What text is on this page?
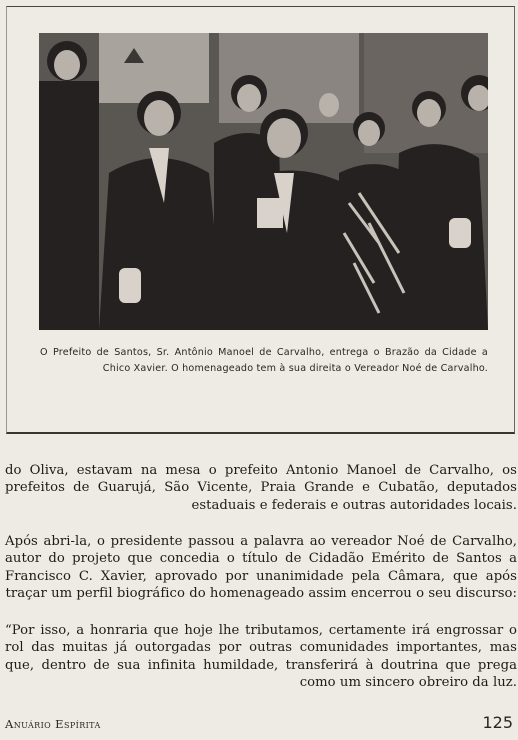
O Prefeito de Santos, Sr. Antônio Manoel de Carvalho, entrega o Brazão da Cidade a Chico Xavier. O homenageado tem à sua direita o Vereador Noé de Carvalho.
do Oliva, estavam na mesa o prefeito Antonio Manoel de Carvalho, os prefeitos de Guarujá, São Vicente, Praia Grande e Cubatão, deputados estaduais e federais e outras autoridades locais.
Após abri-la, o presidente passou a palavra ao vereador Noé de Carvalho, autor do projeto que concedia o título de Cidadão Emérito de Santos a Francisco C. Xavier, aprovado por unanimidade pela Câmara, que após traçar um perfil biográfico do homenageado assim encerrou o seu discurso:
“Por isso, a honraria que hoje lhe tributamos, certamente irá engrossar o rol das muitas já outorgadas por outras comunidades importantes, mas que, dentro de sua infinita humildade, transferirá à doutrina que prega como um sincero obreiro da luz.
Anuário Espírita	125
